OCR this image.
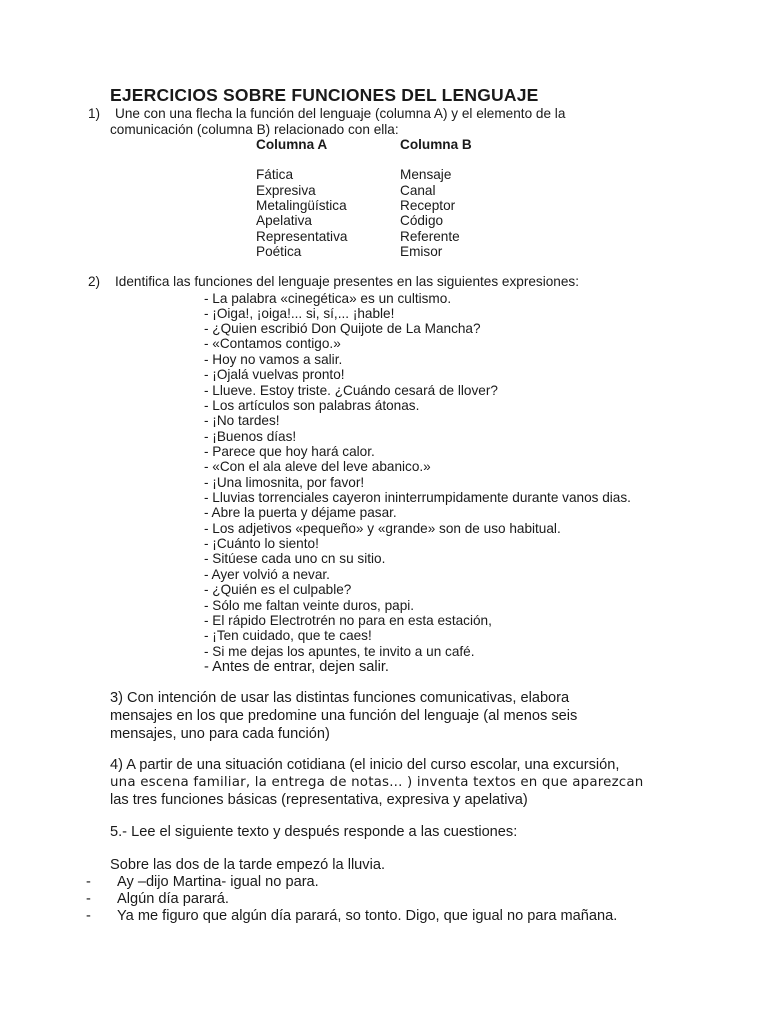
EJERCICIOS SOBRE FUNCIONES DEL LENGUAJE
1) Une con una flecha la función del lenguaje (columna A) y el elemento de la
comunicación (columna B) relacionado con ella:
Columna A	Columna B
Fática
Expresiva
Metalingüística
Apelativa
Representativa
Poética
Mensaje
Canal
Receptor
Código
Referente
Emisor
2) Identifica las funciones del lenguaje presentes en las siguientes expresiones:
- La palabra «cinegética» es un cultismo.
- ¡Oiga!, ¡oiga!... si, sí,... ¡hable!
- ¿Quien escribió Don Quijote de La Mancha?
- «Contamos contigo.»
- Hoy no vamos a salir.
- ¡Ojalá vuelvas pronto!
- Llueve. Estoy triste. ¿Cuándo cesará de llover?
- Los artículos son palabras átonas.
- ¡No tardes!
- ¡Buenos días!
- Parece que hoy hará calor.
- «Con el ala aleve del leve abanico.»
- ¡Una limosnita, por favor!
- Lluvias torrenciales cayeron ininterrumpidamente durante vanos dias.
- Abre la puerta y déjame pasar.
- Los adjetivos «pequeño» y «grande» son de uso habitual.
- ¡Cuánto lo siento!
- Sitúese cada uno cn su sitio.
- Ayer volvió a nevar.
- ¿Quién es el culpable?
- Sólo me faltan veinte duros, papi.
- El rápido Electrotrén no para en esta estación,
- ¡Ten cuidado, que te caes!
- Si me dejas los apuntes, te invito a un café.
- Antes de entrar, dejen salir.
3) Con intención de usar las distintas funciones comunicativas, elabora
mensajes en los que predomine una función del lenguaje (al menos seis
mensajes, uno para cada función)
4) A partir de una situación cotidiana (el inicio del curso escolar, una excursión,
una escena familiar, la entrega de notas... ) inventa textos en que aparezcan
las tres funciones básicas (representativa, expresiva y apelativa)
5.- Lee el siguiente texto y después responde a las cuestiones:
Sobre las dos de la tarde empezó la lluvia.
- Ay –dijo Martina- igual no para.
- Algún día parará.
- Ya me figuro que algún día parará, so tonto. Digo, que igual no para mañana.
